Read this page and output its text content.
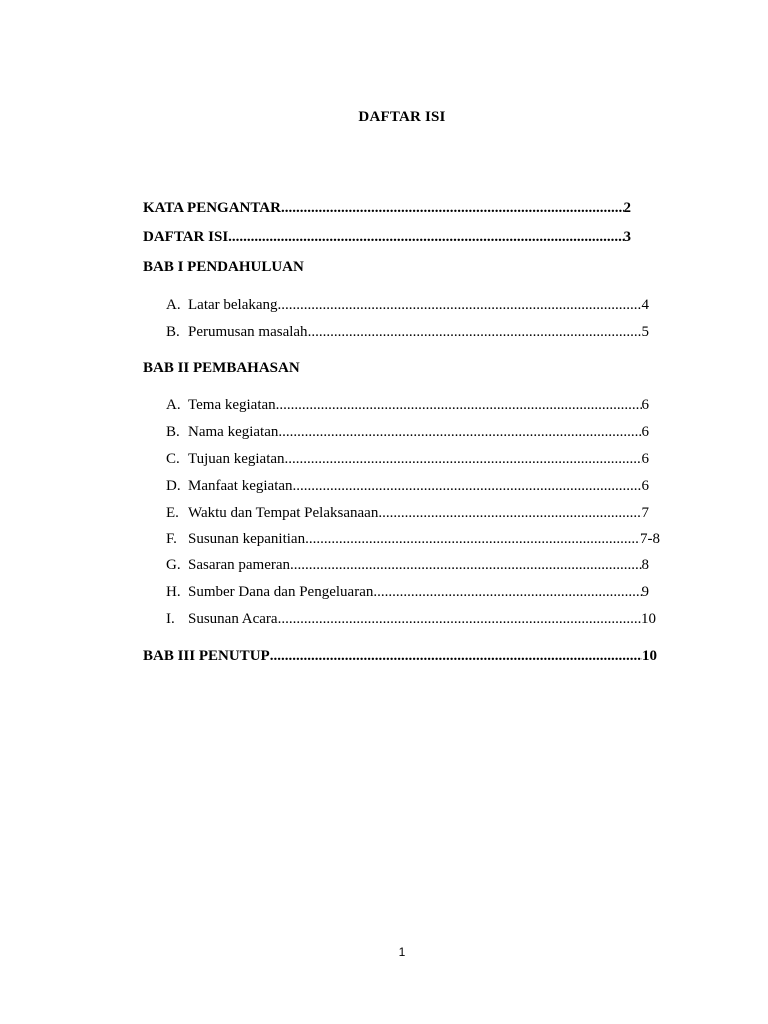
DAFTAR ISI
KATA PENGANTAR .....	2
DAFTAR ISI .....	3
BAB I PENDAHULUAN
A. Latar belakang .....	4
B. Perumusan masalah .....	5
BAB II PEMBAHASAN
A. Tema kegiatan .....	6
B. Nama kegiatan .....	6
C. Tujuan kegiatan .....	6
D. Manfaat kegiatan .....	6
E. Waktu dan Tempat Pelaksanaan .....	7
F. Susunan kepanitian .....	7-8
G. Sasaran pameran .....	8
H. Sumber Dana dan Pengeluaran .....	9
I. Susunan Acara .....	10
BAB III PENUTUP .....	10
1
